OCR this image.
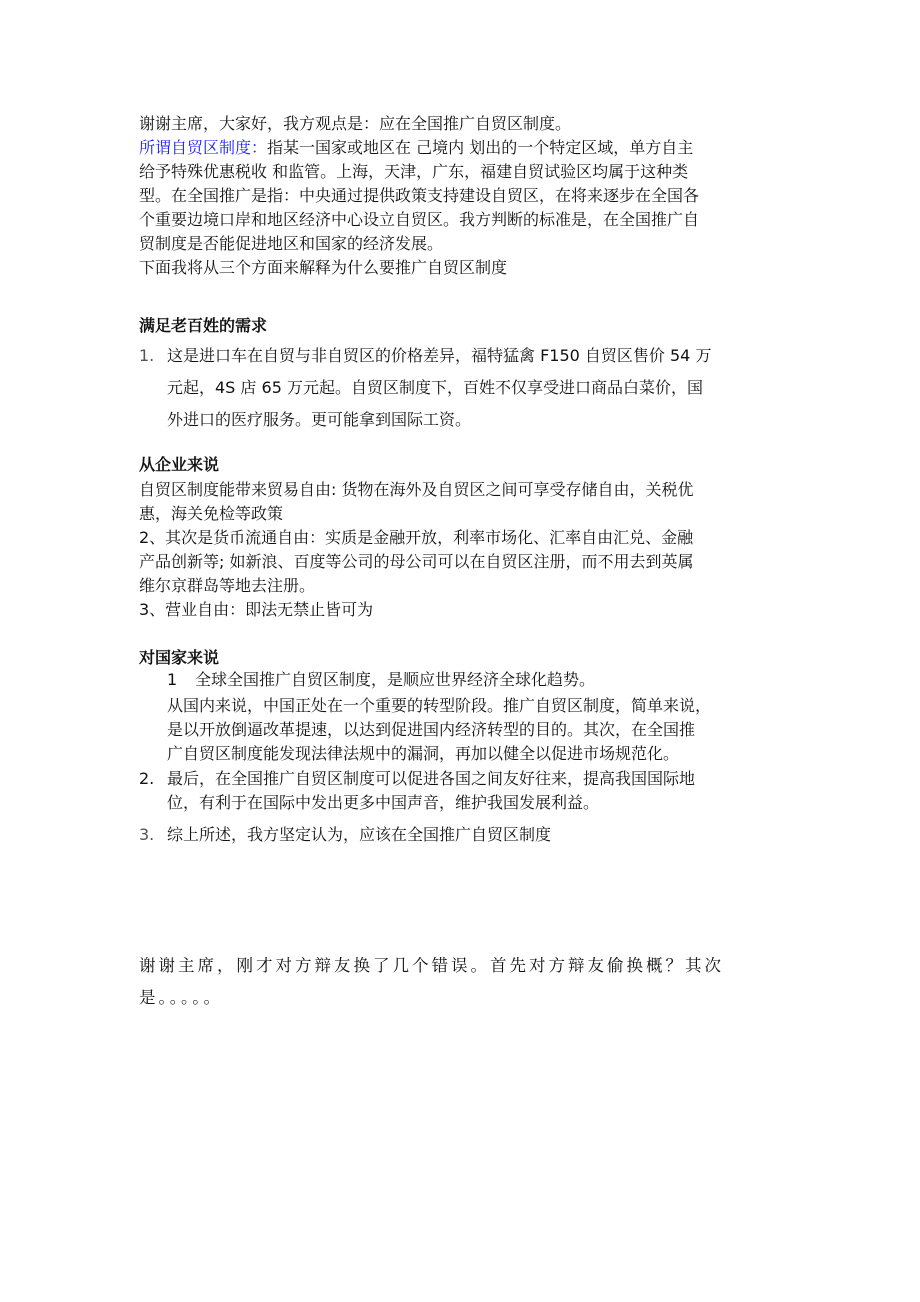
谢谢主席，大家好，我方观点是：应在全国推广自贸区制度。
所谓自贸区制度：指某一国家或地区在 己境内 划出的一个特定区域，单方自主
给予特殊优惠税收 和监管。上海，天津，广东，福建自贸试验区均属于这种类
型。在全国推广是指：中央通过提供政策支持建设自贸区，在将来逐步在全国各
个重要边境口岸和地区经济中心设立自贸区。我方判断的标准是，在全国推广自
贸制度是否能促进地区和国家的经济发展。
下面我将从三个方面来解释为什么要推广自贸区制度
满足老百姓的需求
1. 这是进口车在自贸与非自贸区的价格差异，福特猛禽 F150 自贸区售价 54 万
元起，4S 店 65 万元起。自贸区制度下，百姓不仅享受进口商品白菜价，国
外进口的医疗服务。更可能拿到国际工资。
从企业来说
自贸区制度能带来贸易自由: 货物在海外及自贸区之间可享受存储自由，关税优
惠，海关免检等政策
2、其次是货币流通自由：实质是金融开放，利率市场化、汇率自由汇兑、金融
产品创新等; 如新浪、百度等公司的母公司可以在自贸区注册，而不用去到英属
维尔京群岛等地去注册。
3、营业自由：即法无禁止皆可为
对国家来说
1 全球全国推广自贸区制度，是顺应世界经济全球化趋势。
从国内来说，中国正处在一个重要的转型阶段。推广自贸区制度，简单来说，
是以开放倒逼改革提速，以达到促进国内经济转型的目的。其次，在全国推
广自贸区制度能发现法律法规中的漏洞，再加以健全以促进市场规范化。
2. 最后，在全国推广自贸区制度可以促进各国之间友好往来，提高我国国际地
位，有利于在国际中发出更多中国声音，维护我国发展利益。
3. 综上所述，我方坚定认为，应该在全国推广自贸区制度
谢谢主席，刚才对方辩友换了几个错误。首先对方辩友偷换概？其次
是。。。。。
